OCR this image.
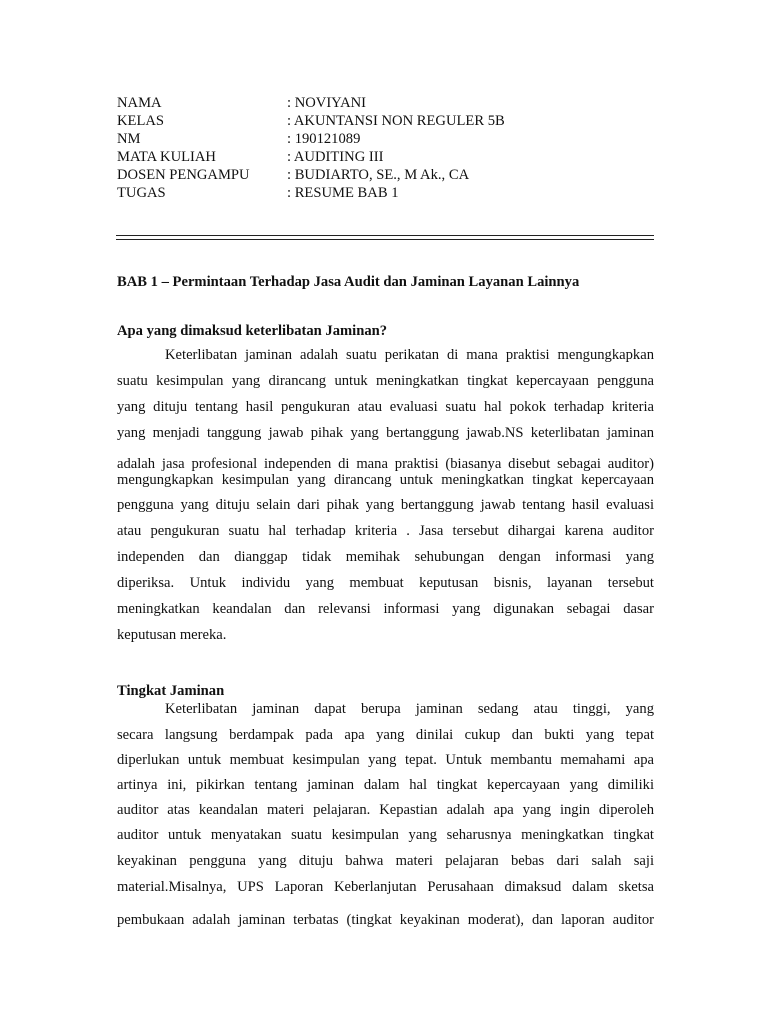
NAMA	: NOVIYANI
KELAS	: AKUNTANSI NON REGULER 5B
NM	: 190121089
MATA KULIAH	: AUDITING III
DOSEN PENGAMPU	: BUDIARTO, SE., M Ak., CA
TUGAS	: RESUME BAB 1
BAB 1 – Permintaan Terhadap Jasa Audit dan Jaminan Layanan Lainnya
Apa yang dimaksud keterlibatan Jaminan?
Keterlibatan jaminan adalah suatu perikatan di mana praktisi mengungkapkan
suatu kesimpulan yang dirancang untuk meningkatkan tingkat kepercayaan pengguna
yang dituju tentang hasil pengukuran atau evaluasi suatu hal pokok terhadap kriteria
yang menjadi tanggung jawab pihak yang bertanggung jawab.NS keterlibatan jaminan
adalah jasa profesional independen di mana praktisi (biasanya disebut sebagai auditor)
mengungkapkan kesimpulan yang dirancang untuk meningkatkan tingkat kepercayaan
pengguna yang dituju selain dari pihak yang bertanggung jawab tentang hasil evaluasi
atau pengukuran suatu hal terhadap kriteria . Jasa tersebut dihargai karena auditor
independen dan dianggap tidak memihak sehubungan dengan informasi yang
diperiksa. Untuk individu yang membuat keputusan bisnis, layanan tersebut
meningkatkan keandalan dan relevansi informasi yang digunakan sebagai dasar
keputusan mereka.
Tingkat Jaminan
Keterlibatan jaminan dapat berupa jaminan sedang atau tinggi, yang
secara langsung berdampak pada apa yang dinilai cukup dan bukti yang tepat
diperlukan untuk membuat kesimpulan yang tepat. Untuk membantu memahami apa
artinya ini, pikirkan tentang jaminan dalam hal tingkat kepercayaan yang dimiliki
auditor atas keandalan materi pelajaran. Kepastian adalah apa yang ingin diperoleh
auditor untuk menyatakan suatu kesimpulan yang seharusnya meningkatkan tingkat
keyakinan pengguna yang dituju bahwa materi pelajaran bebas dari salah saji
material.Misalnya, UPS Laporan Keberlanjutan Perusahaan dimaksud dalam sketsa
pembukaan adalah jaminan terbatas (tingkat keyakinan moderat), dan laporan auditor
